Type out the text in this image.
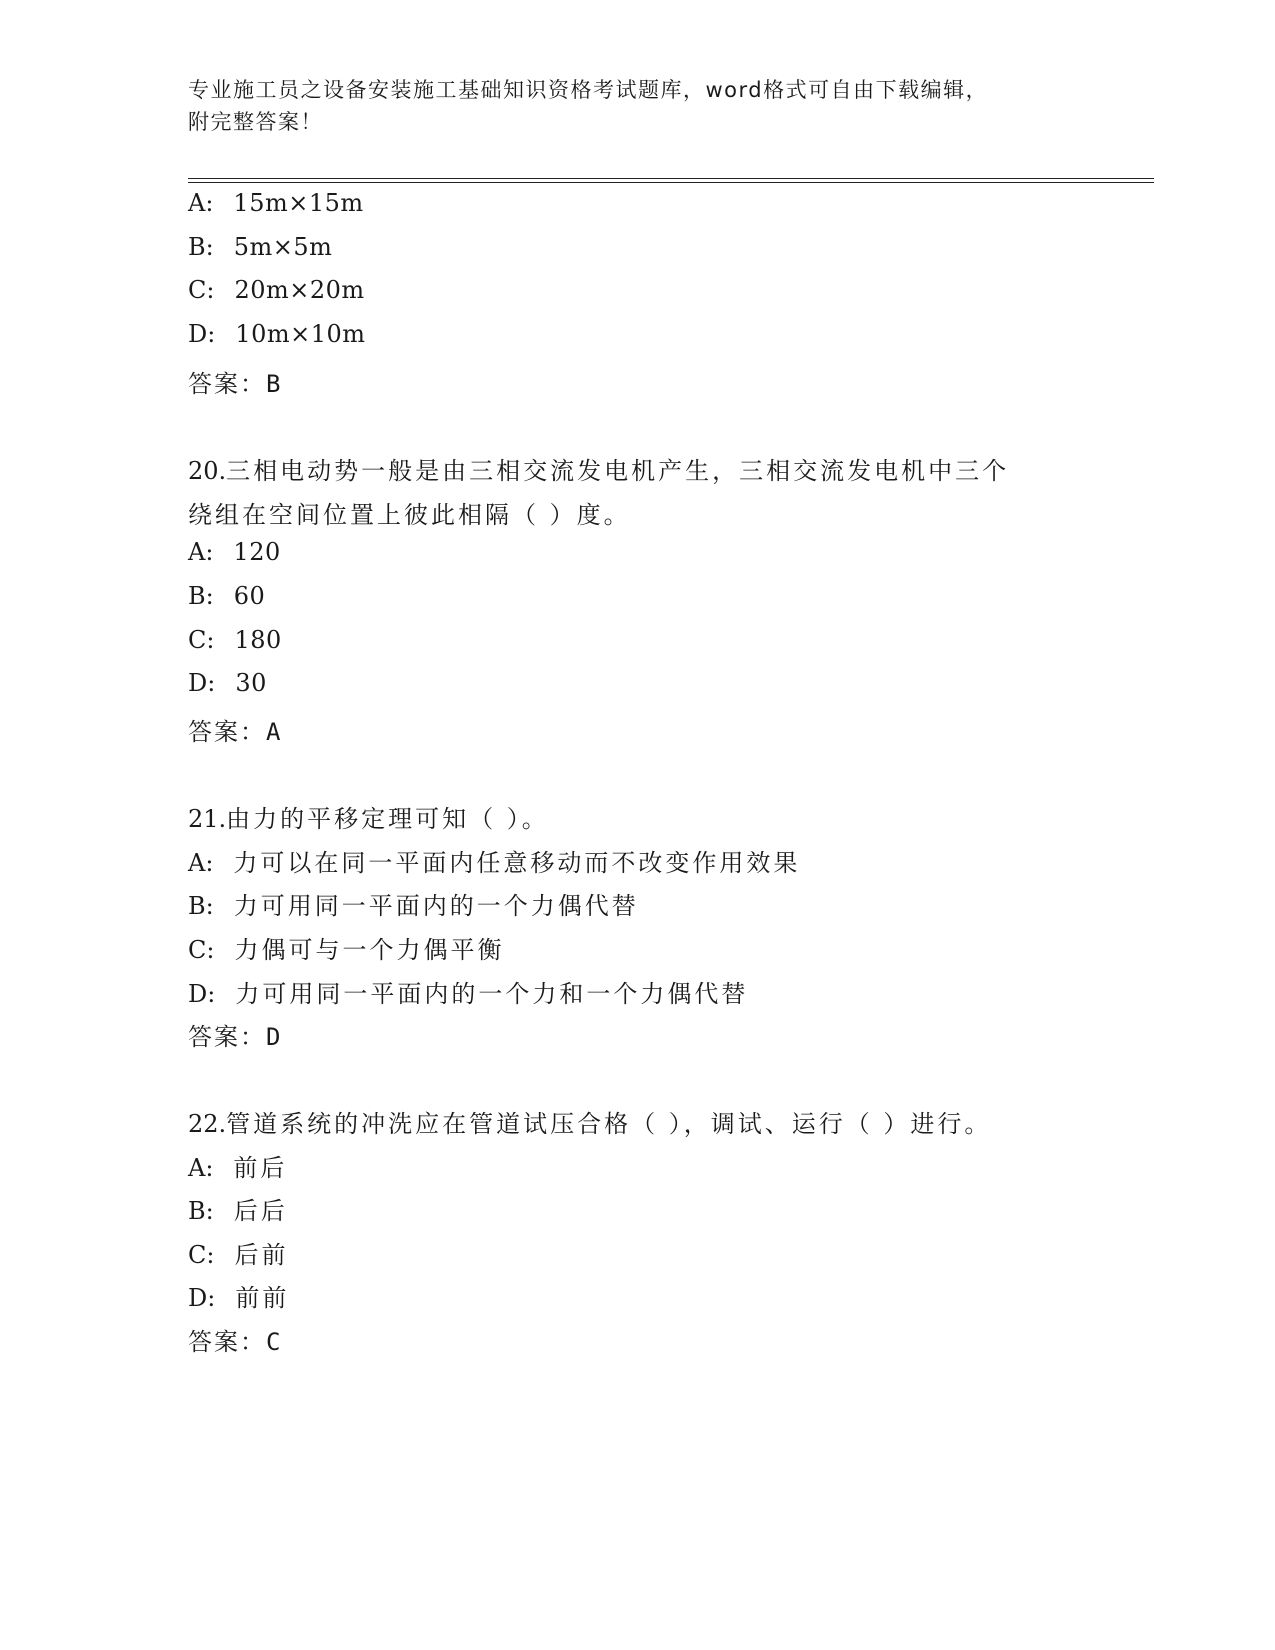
专业施工员之设备安装施工基础知识资格考试题库，word格式可自由下载编辑，
附完整答案！
A: 15m×15m
B: 5m×5m
C: 20m×20m
D: 10m×10m
答案：B
20.三相电动势一般是由三相交流发电机产生，三相交流发电机中三个
绕组在空间位置上彼此相隔（ ）度。
A: 120
B: 60
C: 180
D: 30
答案：A
21.由力的平移定理可知（ ）。
A: 力可以在同一平面内任意移动而不改变作用效果
B: 力可用同一平面内的一个力偶代替
C: 力偶可与一个力偶平衡
D: 力可用同一平面内的一个力和一个力偶代替
答案：D
22.管道系统的冲洗应在管道试压合格（ ），调试、运行（ ）进行。
A: 前后
B: 后后
C: 后前
D: 前前
答案：C
